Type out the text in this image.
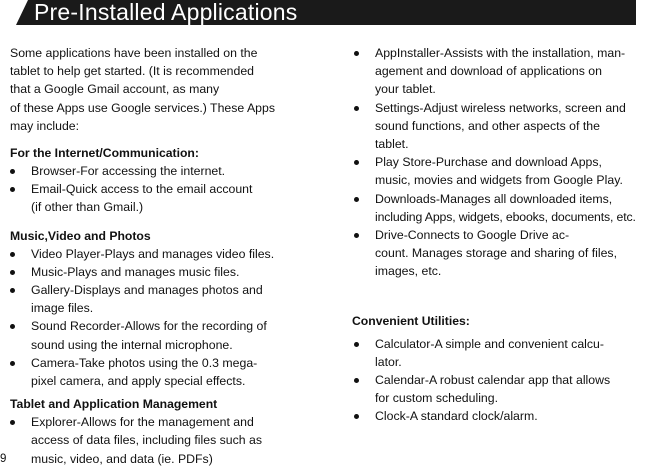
Pre-Installed Applications
Some applications have been installed on the
tablet to help get started. (It is recommended
that a Google Gmail account, as many
of these Apps use Google services.) These Apps
may include:
For the Internet/Communication:
Browser-For accessing the internet.
Email-Quick access to the email account
(if other than Gmail.)
Music,Video and Photos
Video Player-Plays and manages video files.
Music-Plays and manages music files.
Gallery-Displays and manages photos and
image files.
Sound Recorder-Allows for the recording of
sound using the internal microphone.
Camera-Take photos using the 0.3 mega-
pixel camera, and apply special effects.
Tablet and Application Management
Explorer-Allows for the management and
access of data files, including files such as
music, video, and data (ie. PDFs)
AppInstaller-Assists with the installation, man-
agement and download of applications on
your tablet.
Settings-Adjust wireless networks, screen and
sound functions, and other aspects of the
tablet.
Play Store-Purchase and download Apps,
music, movies and widgets from Google Play.
Downloads-Manages all downloaded items,
including Apps, widgets, ebooks, documents, etc.
Drive-Connects to Google Drive ac-
count. Manages storage and sharing of files,
images, etc.
Convenient Utilities:
Calculator-A simple and convenient calcu-
lator.
Calendar-A robust calendar app that allows
for custom scheduling.
Clock-A standard clock/alarm.
9
